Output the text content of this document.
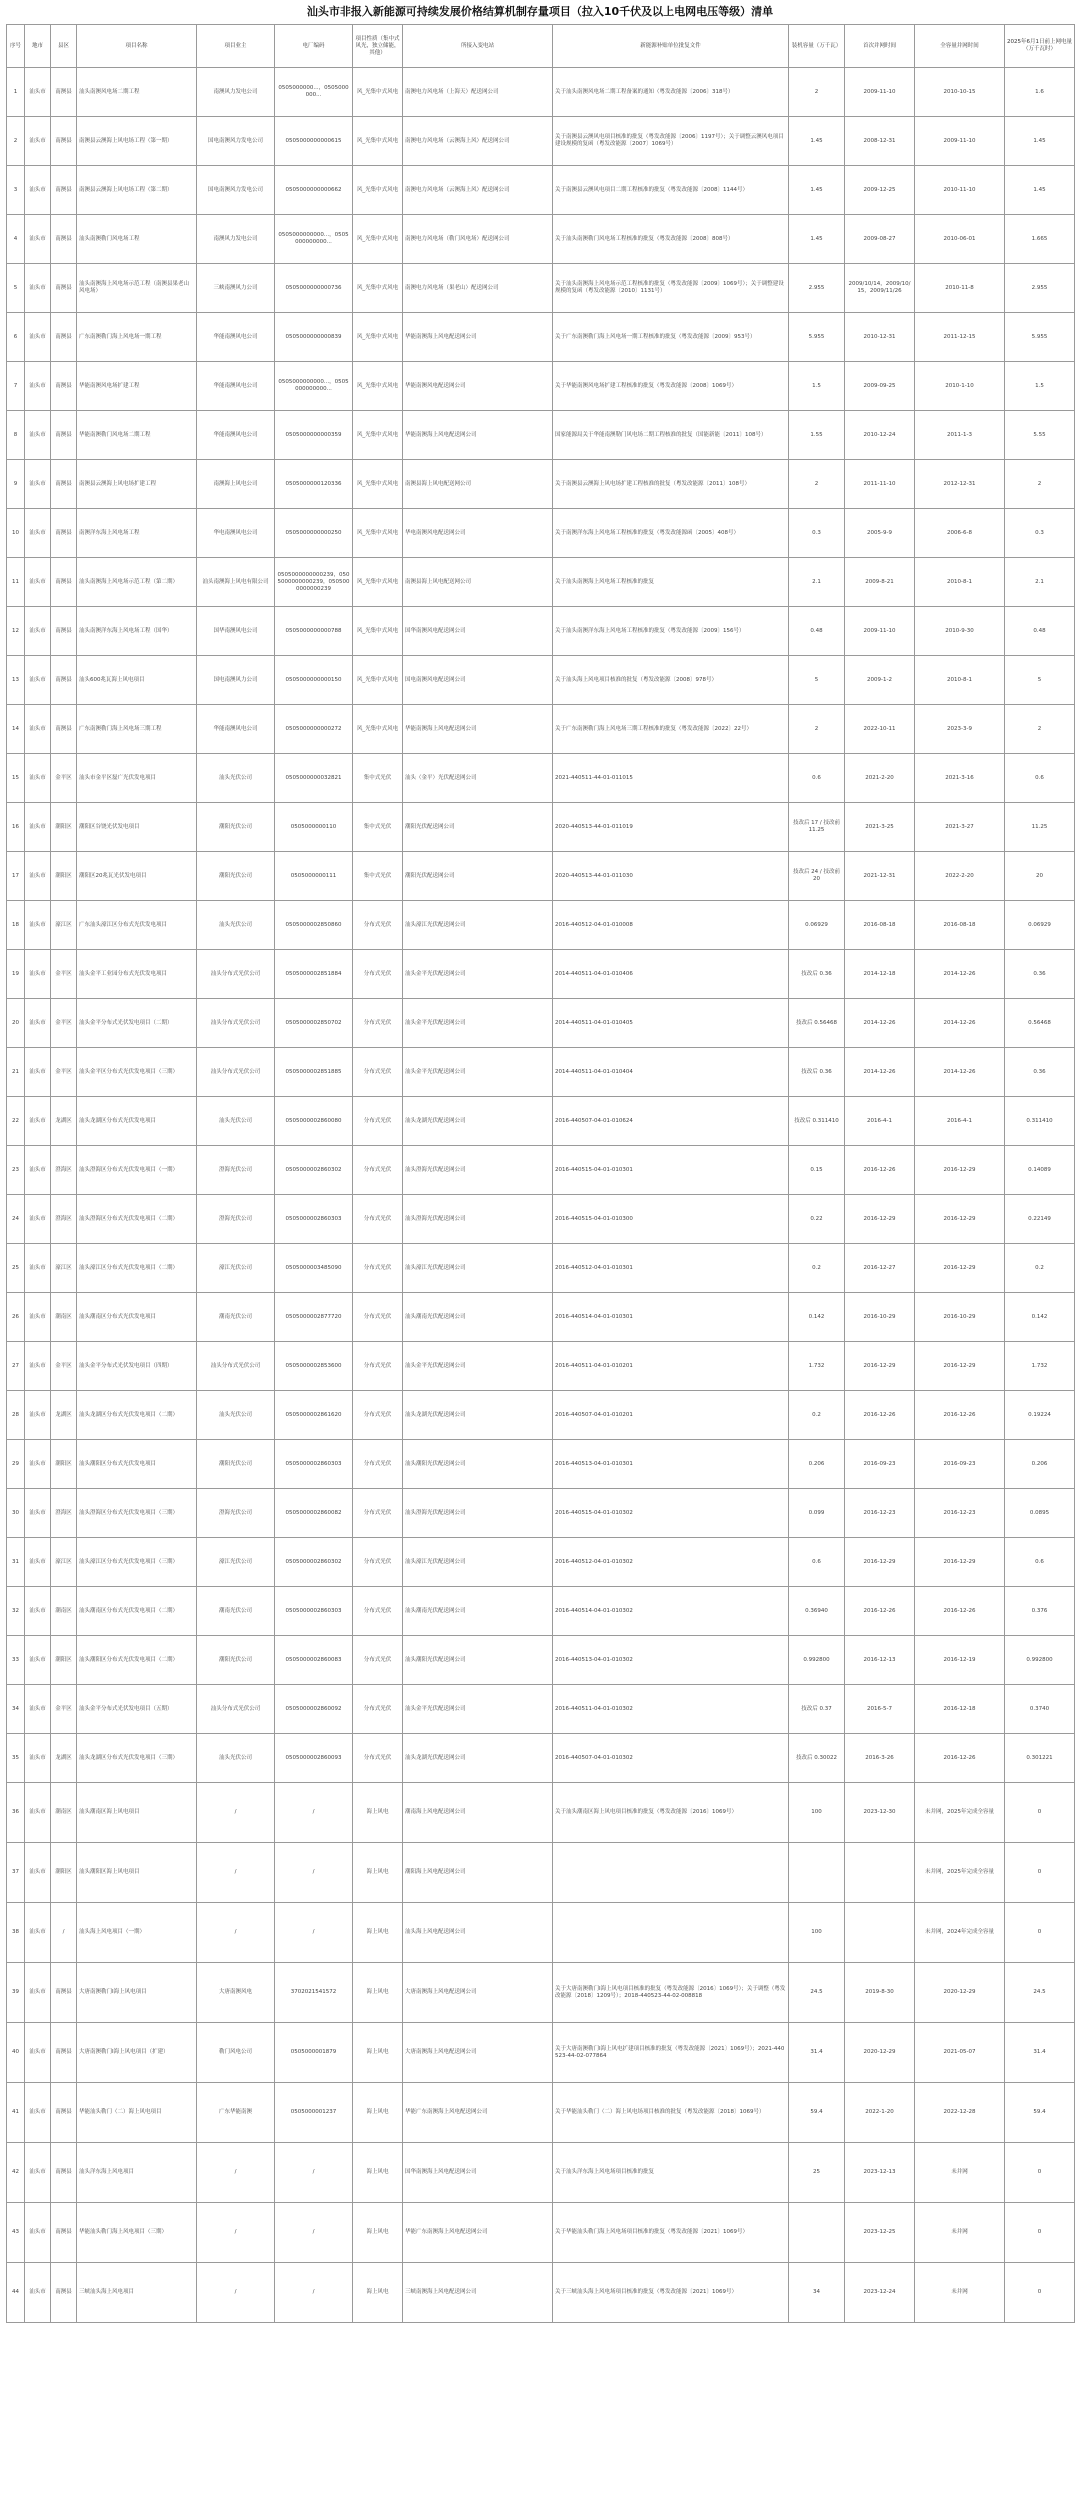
汕头市非报入新能源可持续发展价格结算机制存量项目（拉入10千伏及以上电网电压等级）清单
序号	地市	县区	项目名称	项目业主	电厂编码	项目性质（集中式风光，独立储能，其他）	所接入变电站	新能源补贴单位批复文件	装机容量（万千瓦）	首次并网时间	全容量并网时间	2025年6月1日前上网电量（万千瓦时）
1	汕头市	南澳县	汕头南澳风电场二期工程	南澳风力发电公司	0505000000...，0505000000...	风_光集中式风电	南澳电力风电场（上海天）配送网公司	关于汕头南澳风电场二期工程备案的通知（粤发改能源〔2006〕318号）	2	2009-11-10	2010-10-15	1.6
2	汕头市	南澳县	南澳县云澳海上风电场工程（第一期）	国电南澳风力发电公司	0505000000000615	风_光集中式风电	南澳电力风电场（云澳海上风）配送网公司	关于南澳县云澳风电项目核准的批复（粤发改能源〔2006〕1197号）；关于调整云澳风电项目建设规模的复函（粤发改能源〔2007〕1069号）	1.45	2008-12-31	2009-11-10	1.45
3	汕头市	南澳县	南澳县云澳海上风电场工程（第二期）	国电南澳风力发电公司	0505000000000662	风_光集中式风电	南澳电力风电场（云澳海上风）配送网公司	关于南澳县云澳风电项目二期工程核准的批复（粤发改能源〔2008〕1144号）	1.45	2009-12-25	2010-11-10	1.45
4	汕头市	南澳县	汕头南澳勒门风电场工程	南澳风力发电公司	0505000000000...，0505000000000...	风_光集中式风电	南澳电力风电场（勒门风电场）配送网公司	关于汕头南澳勒门风电场工程核准的批复（粤发改能源〔2008〕808号）	1.45	2009-08-27	2010-06-01	1.665
5	汕头市	南澳县	汕头南澳海上风电场示范工程（南澳县果老山风电场）	三峡南澳风力公司	0505000000000736	风_光集中式风电	南澳电力风电场（果老山）配送网公司	关于汕头南澳海上风电场示范工程核准的批复（粤发改能源〔2009〕1069号）；关于调整建设规模的复函（粤发改能源〔2010〕1131号）	2.955	2009/10/14，2009/10/15，2009/11/26	2010-11-8	2.955
6	汕头市	南澳县	广东南澳勒门海上风电场一期工程	华能南澳风电公司	0505000000000839	风_光集中式风电	华能南澳海上风电配送网公司	关于广东南澳勒门海上风电场一期工程核准的批复（粤发改能源〔2009〕953号）	5.955	2010-12-31	2011-12-15	5.955
7	汕头市	南澳县	华能南澳风电场扩建工程	华能南澳风电公司	0505000000000...，0505000000000...	风_光集中式风电	华能南澳风电配送网公司	关于华能南澳风电场扩建工程核准的批复（粤发改能源〔2008〕1069号）	1.5	2009-09-25	2010-1-10	1.5
8	汕头市	南澳县	华能南澳勒门风电场二期工程	华能南澳风电公司	0505000000000359	风_光集中式风电	华能南澳海上风电配送网公司	国家能源局关于华能南澳勒门风电场二期工程核准的批复（国能新能〔2011〕108号）	1.55	2010-12-24	2011-1-3	5.55
9	汕头市	南澳县	南澳县云澳海上风电场扩建工程	南澳海上风电公司	0505000000120336	风_光集中式风电	南澳县海上风电配送网公司	关于南澳县云澳海上风电场扩建工程核准的批复（粤发改能源〔2011〕108号）	2	2011-11-10	2012-12-31	2
10	汕头市	南澳县	南澳洋东海上风电场工程	华电南澳风电公司	0505000000000250	风_光集中式风电	华电南澳风电配送网公司	关于南澳洋东海上风电场工程核准的批复（粤发改能源函〔2005〕408号）	0.3	2005-9-9	2006-6-8	0.3
11	汕头市	南澳县	汕头南澳海上风电场示范工程（第二期）	汕头南澳海上风电有限公司	0505000000000239，0505000000000239，0505000000000239	风_光集中式风电	南澳县海上风电配送网公司	关于汕头南澳海上风电场工程核准的批复	2.1	2009-8-21	2010-8-1	2.1
12	汕头市	南澳县	汕头南澳洋东海上风电场工程（国华）	国华南澳风电公司	0505000000000788	风_光集中式风电	国华南澳风电配送网公司	关于汕头南澳洋东海上风电场工程核准的批复（粤发改能源〔2009〕156号）	0.48	2009-11-10	2010-9-30	0.48
13	汕头市	南澳县	汕头600兆瓦海上风电项目	国电南澳风力公司	0505000000000150	风_光集中式风电	国电南澳风电配送网公司	关于汕头海上风电项目核准的批复（粤发改能源〔2008〕978号）	5	2009-1-2	2010-8-1	5
14	汕头市	南澳县	广东南澳勒门海上风电场三期工程	华能南澳风电公司	0505000000000272	风_光集中式风电	华能南澳海上风电配送网公司	关于广东南澳勒门海上风电场三期工程核准的批复（粤发改能源〔2022〕22号）	2	2022-10-11	2023-3-9	2
15	汕头市	金平区	汕头市金平区磊广光伏发电项目	汕头光伏公司	0505000000032821	集中式光伏	汕头（金平）光伏配送网公司	2021-440511-44-01-011015	0.6	2021-2-20	2021-3-16	0.6
16	汕头市	潮阳区	潮阳区谷饶光伏发电项目	潮阳光伏公司	0505000000110	集中式光伏	潮阳光伏配送网公司	2020-440513-44-01-011019	技改后 17 / 技改前 11.25	2021-3-25	2021-3-27	11.25
17	汕头市	潮阳区	潮阳区20兆瓦光伏发电项目	潮阳光伏公司	0505000000111	集中式光伏	潮阳光伏配送网公司	2020-440513-44-01-011030	技改后 24 / 技改前 20	2021-12-31	2022-2-20	20
18	汕头市	濠江区	广东汕头濠江区分布式光伏发电项目	汕头光伏公司	0505000002850860	分布式光伏	汕头濠江光伏配送网公司	2016-440512-04-01-010008	0.06929	2016-08-18	2016-08-18	0.06929
19	汕头市	金平区	汕头金平工业园分布式光伏发电项目	汕头分布式光伏公司	0505000002851884	分布式光伏	汕头金平光伏配送网公司	2014-440511-04-01-010406	技改后 0.36	2014-12-18	2014-12-26	0.36
20	汕头市	金平区	汕头金平分布式光伏发电项目（二期）	汕头分布式光伏公司	0505000002850702	分布式光伏	汕头金平光伏配送网公司	2014-440511-04-01-010405	技改后 0.56468	2014-12-26	2014-12-26	0.56468
21	汕头市	金平区	汕头金平区分布式光伏发电项目（三期）	汕头分布式光伏公司	0505000002851885	分布式光伏	汕头金平光伏配送网公司	2014-440511-04-01-010404	技改后 0.36	2014-12-26	2014-12-26	0.36
22	汕头市	龙湖区	汕头龙湖区分布式光伏发电项目	汕头光伏公司	0505000002860080	分布式光伏	汕头龙湖光伏配送网公司	2016-440507-04-01-010624	技改后 0.311410	2016-4-1	2016-4-1	0.311410
23	汕头市	澄海区	汕头澄海区分布式光伏发电项目（一期）	澄海光伏公司	0505000002860302	分布式光伏	汕头澄海光伏配送网公司	2016-440515-04-01-010301	0.15	2016-12-26	2016-12-29	0.14089
24	汕头市	澄海区	汕头澄海区分布式光伏发电项目（二期）	澄海光伏公司	0505000002860303	分布式光伏	汕头澄海光伏配送网公司	2016-440515-04-01-010300	0.22	2016-12-29	2016-12-29	0.22149
25	汕头市	濠江区	汕头濠江区分布式光伏发电项目（二期）	濠江光伏公司	0505000003485090	分布式光伏	汕头濠江光伏配送网公司	2016-440512-04-01-010301	0.2	2016-12-27	2016-12-29	0.2
26	汕头市	潮南区	汕头潮南区分布式光伏发电项目	潮南光伏公司	0505000002877720	分布式光伏	汕头潮南光伏配送网公司	2016-440514-04-01-010301	0.142	2016-10-29	2016-10-29	0.142
27	汕头市	金平区	汕头金平分布式光伏发电项目（四期）	汕头分布式光伏公司	0505000002853600	分布式光伏	汕头金平光伏配送网公司	2016-440511-04-01-010201	1.732	2016-12-29	2016-12-29	1.732
28	汕头市	龙湖区	汕头龙湖区分布式光伏发电项目（二期）	汕头光伏公司	0505000002861620	分布式光伏	汕头龙湖光伏配送网公司	2016-440507-04-01-010201	0.2	2016-12-26	2016-12-26	0.19224
29	汕头市	潮阳区	汕头潮阳区分布式光伏发电项目	潮阳光伏公司	0505000002860303	分布式光伏	汕头潮阳光伏配送网公司	2016-440513-04-01-010301	0.206	2016-09-23	2016-09-23	0.206
30	汕头市	澄海区	汕头澄海区分布式光伏发电项目（三期）	澄海光伏公司	0505000002860082	分布式光伏	汕头澄海光伏配送网公司	2016-440515-04-01-010302	0.099	2016-12-23	2016-12-23	0.0895
31	汕头市	濠江区	汕头濠江区分布式光伏发电项目（三期）	濠江光伏公司	0505000002860302	分布式光伏	汕头濠江光伏配送网公司	2016-440512-04-01-010302	0.6	2016-12-29	2016-12-29	0.6
32	汕头市	潮南区	汕头潮南区分布式光伏发电项目（二期）	潮南光伏公司	0505000002860303	分布式光伏	汕头潮南光伏配送网公司	2016-440514-04-01-010302	0.36940	2016-12-26	2016-12-26	0.376
33	汕头市	潮阳区	汕头潮阳区分布式光伏发电项目（二期）	潮阳光伏公司	0505000002860083	分布式光伏	汕头潮阳光伏配送网公司	2016-440513-04-01-010302	0.992800	2016-12-13	2016-12-19	0.992800
34	汕头市	金平区	汕头金平分布式光伏发电项目（五期）	汕头分布式光伏公司	0505000002860092	分布式光伏	汕头金平光伏配送网公司	2016-440511-04-01-010302	技改后 0.37	2016-5-7	2016-12-18	0.3740
35	汕头市	龙湖区	汕头龙湖区分布式光伏发电项目（三期）	汕头光伏公司	0505000002860093	分布式光伏	汕头龙湖光伏配送网公司	2016-440507-04-01-010302	技改后 0.30022	2016-3-26	2016-12-26	0.301221
36	汕头市	潮南区	汕头潮南区海上风电项目	/	/	海上风电	潮南海上风电配送网公司	关于汕头潮南区海上风电项目核准的批复（粤发改能源〔2016〕1069号）	100	2023-12-30	未并网，2025年完成全容量	0
37	汕头市	潮阳区	汕头潮阳区海上风电项目	/	/	海上风电	潮阳海上风电配送网公司				未并网，2025年完成全容量	0
38	汕头市	/	汕头海上风电项目（一期）	/	/	海上风电	汕头海上风电配送网公司		100		未并网，2024年完成全容量	0
39	汕头市	南澳县	大唐南澳勒门I海上风电项目	大唐南澳风电	3702021541572	海上风电	大唐南澳海上风电配送网公司	关于大唐南澳勒门I海上风电项目核准的批复（粤发改能源〔2016〕1069号）；关于调整（粤发改能源〔2018〕1209号）；2018-440523-44-02-008818	24.5	2019-8-30	2020-12-29	24.5
40	汕头市	南澳县	大唐南澳勒门I海上风电项目（扩建）	勒门风电公司	0505000001879	海上风电	大唐南澳海上风电配送网公司	关于大唐南澳勒门I海上风电扩建项目核准的批复（粤发改能源〔2021〕1069号）；2021-440523-44-02-077864	31.4	2020-12-29	2021-05-07	31.4
41	汕头市	南澳县	华能汕头勒门（二）海上风电项目	广东华能南澳	0505000001237	海上风电	华能广东南澳海上风电配送网公司	关于华能汕头勒门（二）海上风电场项目核准的批复（粤发改能源〔2018〕1069号）	59.4	2022-1-20	2022-12-28	59.4
42	汕头市	南澳县	汕头洋东海上风电项目	/	/	海上风电	国华南澳海上风电配送网公司	关于汕头洋东海上风电场项目核准的批复	25	2023-12-13	未并网	0
43	汕头市	南澳县	华能汕头勒门海上风电项目（三期）	/	/	海上风电	华能广东南澳海上风电配送网公司	关于华能汕头勒门海上风电场项目核准的批复（粤发改能源〔2021〕1069号）		2023-12-25	未并网	0
44	汕头市	南澳县	三峡汕头海上风电项目	/	/	海上风电	三峡南澳海上风电配送网公司	关于三峡汕头海上风电场项目核准的批复（粤发改能源〔2021〕1069号）	34	2023-12-24	未并网	0
